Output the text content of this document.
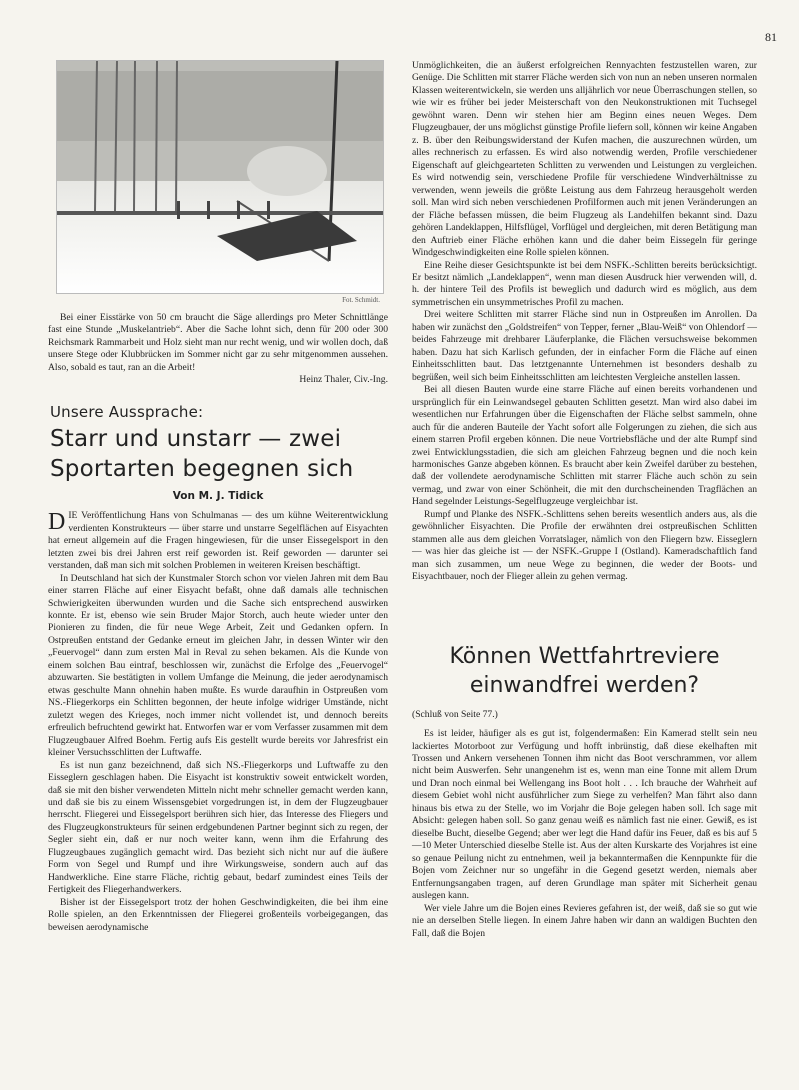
81
Fot. Schmidt.

Bei einer Eisstärke von 50 cm braucht die Säge allerdings pro Meter Schnittlänge fast eine Stunde „Muskelantrieb“. Aber die Sache lohnt sich, denn für 200 oder 300 Reichsmark Rammarbeit und Holz sieht man nur recht wenig, und wir wollen doch, daß unsere Stege oder Klubbrücken im Sommer nicht gar zu sehr mitgenommen aussehen. Also, sobald es taut, ran an die Arbeit!

Heinz Thaler, Civ.-Ing.
Unsere Aussprache:
Starr und unstarr — zwei
Sportarten begegnen sich
Von M. J. Tidick
DIE Veröffentlichung Hans von Schulmanas — des um kühne Weiterentwicklung verdienten Konstrukteurs — über starre und unstarre Segelflächen auf Eisyachten hat erneut allgemein auf die Fragen hingewiesen, für die unser Eissegelsport in den letzten zwei bis drei Jahren erst reif geworden ist. Reif geworden — darunter sei verstanden, daß man sich mit solchen Problemen in weiteren Kreisen beschäftigt.

In Deutschland hat sich der Kunstmaler Storch schon vor vielen Jahren mit dem Bau einer starren Fläche auf einer Eisyacht befaßt, ohne daß damals alle technischen Schwierigkeiten überwunden wurden und die Sache sich entsprechend auswirken konnte. Er ist, ebenso wie sein Bruder Major Storch, auch heute wieder unter den Pionieren zu finden, die für neue Wege Arbeit, Zeit und Gedanken opfern. In Ostpreußen entstand der Gedanke erneut im gleichen Jahr, in dessen Winter wir den „Feuervogel“ dann zum ersten Mal in Reval zu sehen bekamen. Als die Kunde von einem solchen Bau eintraf, beschlossen wir, zunächst die Erfolge des „Feuervogel“ abzuwarten. Sie bestätigten in vollem Umfange die Meinung, die jeder aerodynamisch etwas geschulte Mann ohnehin haben mußte. Es wurde daraufhin in Ostpreußen vom NS.-Fliegerkorps ein Schlitten begonnen, der heute infolge widriger Umstände, nicht zuletzt wegen des Krieges, noch immer nicht vollendet ist, und dennoch bereits erfreulich befruchtend gewirkt hat. Entworfen war er vom Verfasser zusammen mit dem Flugzeugbauer Alfred Boehm. Fertig aufs Eis gestellt wurde bereits vor Jahresfrist ein kleiner Versuchsschlitten der Luftwaffe.

Es ist nun ganz bezeichnend, daß sich NS.-Fliegerkorps und Luftwaffe zu den Eisseglern geschlagen haben. Die Eisyacht ist konstruktiv soweit entwickelt worden, daß sie mit den bisher verwendeten Mitteln nicht mehr schneller gemacht werden kann, und daß sie bis zu einem Wissensgebiet vorgedrungen ist, in dem der Flugzeugbauer herrscht. Fliegerei und Eissegelsport berühren sich hier, das Interesse des Fliegers und des Flugzeugkonstrukteurs für seinen erdgebundenen Partner beginnt sich zu regen, der Segler sieht ein, daß er nur noch weiter kann, wenn ihm die Erfahrung des Flugzeugbaues zugänglich gemacht wird. Das bezieht sich nicht nur auf die äußere Form von Segel und Rumpf und ihre Wirkungsweise, sondern auch auf das Handwerkliche. Eine starre Fläche, richtig gebaut, bedarf zumindest eines Teils der Fertigkeit des Fliegerhandwerkers.

Bisher ist der Eissegelsport trotz der hohen Geschwindigkeiten, die bei ihm eine Rolle spielen, an den Erkenntnissen der Fliegerei großenteils vorbeigegangen, das beweisen aerodynamische

Unmöglichkeiten, die an äußerst erfolgreichen Rennyachten festzustellen waren, zur Genüge. Die Schlitten mit starrer Fläche werden sich von nun an neben unseren normalen Klassen weiterentwickeln, sie werden uns alljährlich vor neue Überraschungen stellen, so wie wir es früher bei jeder Meisterschaft von den Neukonstruktionen mit Tuchsegel gewöhnt waren. Denn wir stehen hier am Beginn eines neuen Weges. Dem Flugzeugbauer, der uns möglichst günstige Profile liefern soll, können wir keine Angaben z. B. über den Reibungswiderstand der Kufen machen, die auszurechnen würden, um alles rechnerisch zu erfassen. Es wird also notwendig werden, Profile verschiedener Eigenschaft auf gleichgearteten Schlitten zu verwenden und Leistungen zu vergleichen. Es wird notwendig sein, verschiedene Profile für verschiedene Windverhältnisse zu verwenden, wenn jeweils die größte Leistung aus dem Fahrzeug herausgeholt werden soll. Man wird sich neben verschiedenen Profilformen auch mit jenen Veränderungen an der Fläche befassen müssen, die beim Flugzeug als Landehilfen bekannt sind. Dazu gehören Landeklappen, Hilfsflügel, Vorflügel und dergleichen, mit deren Betätigung man den Auftrieb einer Fläche erhöhen kann und die daher beim Eissegeln für geringe Windgeschwindigkeiten eine Rolle spielen können.

Eine Reihe dieser Gesichtspunkte ist bei dem NSFK.-Schlitten bereits berücksichtigt. Er besitzt nämlich „Landeklappen“, wenn man diesen Ausdruck hier verwenden will, d. h. der hintere Teil des Profils ist beweglich und dadurch wird es möglich, aus dem symmetrischen ein unsymmetrisches Profil zu machen.

Drei weitere Schlitten mit starrer Fläche sind nun in Ostpreußen im Anrollen. Da haben wir zunächst den „Goldstreifen“ von Tepper, ferner „Blau-Weiß“ von Ohlendorf — beides Fahrzeuge mit drehbarer Läuferplanke, die Flächen versuchsweise bekommen haben. Dazu hat sich Karlisch gefunden, der in einfacher Form die Fläche auf einen Einheitsschlitten baut. Das letztgenannte Unternehmen ist besonders deshalb zu begrüßen, weil sich beim Einheitsschlitten am leichtesten Vergleiche anstellen lassen.

Bei all diesen Bauten wurde eine starre Fläche auf einen bereits vorhandenen und ursprünglich für ein Leinwandsegel gebauten Schlitten gesetzt. Man wird also dabei im wesentlichen nur Erfahrungen über die Eigenschaften der Fläche selbst sammeln, ohne auch für die anderen Bauteile der Yacht sofort alle Folgerungen zu ziehen, die sich aus einem starren Profil ergeben können. Die neue Vortriebsfläche und der alte Rumpf sind zwei Entwicklungsstadien, die sich am gleichen Fahrzeug begnen und die noch kein harmonisches Ganze abgeben können. Es braucht aber kein Zweifel darüber zu bestehen, daß der vollendete aerodynamische Schlitten mit starrer Fläche auch schön zu sein vermag, und zwar von einer Schönheit, die mit den durchscheinenden Tragflächen an Hand segelnder Leistungs-Segelflugzeuge vergleichbar ist.

Rumpf und Planke des NSFK.-Schlittens sehen bereits wesentlich anders aus, als die gewöhnlicher Eisyachten. Die Profile der erwähnten drei ostpreußischen Schlitten stammen alle aus dem gleichen Vorratslager, nämlich von den Fliegern bzw. Eisseglern — was hier das gleiche ist — der NSFK.-Gruppe I (Ostland). Kameradschaftlich fand man sich zusammen, um neue Wege zu beginnen, die weder der Boots- und Eisyachtbauer, noch der Flieger allein zu gehen vermag.

Können Wettfahrtreviere
einwandfrei werden?
(Schluß von Seite 77.)

Es ist leider, häufiger als es gut ist, folgendermaßen: Ein Kamerad stellt sein neu lackiertes Motorboot zur Verfügung und hofft inbrünstig, daß diese ekelhaften mit Trossen und Ankern versehenen Tonnen ihm nicht das Boot verschrammen, vor allem nicht beim Auswerfen. Sehr unangenehm ist es, wenn man eine Tonne mit allem Drum und Dran noch einmal bei Wellengang ins Boot holt . . . Ich brauche der Wahrheit auf diesem Gebiet wohl nicht ausführlicher zum Siege zu verhelfen? Man fährt also dann hinaus bis etwa zu der Stelle, wo im Vorjahr die Boje gelegen haben soll. Ich sage mit Absicht: gelegen haben soll. So ganz genau weiß es nämlich fast nie einer. Gewiß, es ist dieselbe Bucht, dieselbe Gegend; aber wer legt die Hand dafür ins Feuer, daß es bis auf 5—10 Meter Unterschied dieselbe Stelle ist. Aus der alten Kurskarte des Vorjahres ist eine so genaue Peilung nicht zu entnehmen, weil ja bekanntermaßen die Kennpunkte für die Bojen vom Zeichner nur so ungefähr in die Gegend gesetzt werden, niemals aber Entfernungsangaben tragen, auf deren Grundlage man später mit Sicherheit genau auslegen kann.

Wer viele Jahre um die Bojen eines Revieres gefahren ist, der weiß, daß sie so gut wie nie an derselben Stelle liegen. In einem Jahre haben wir dann an waldigen Buchten den Fall, daß die Bojen
